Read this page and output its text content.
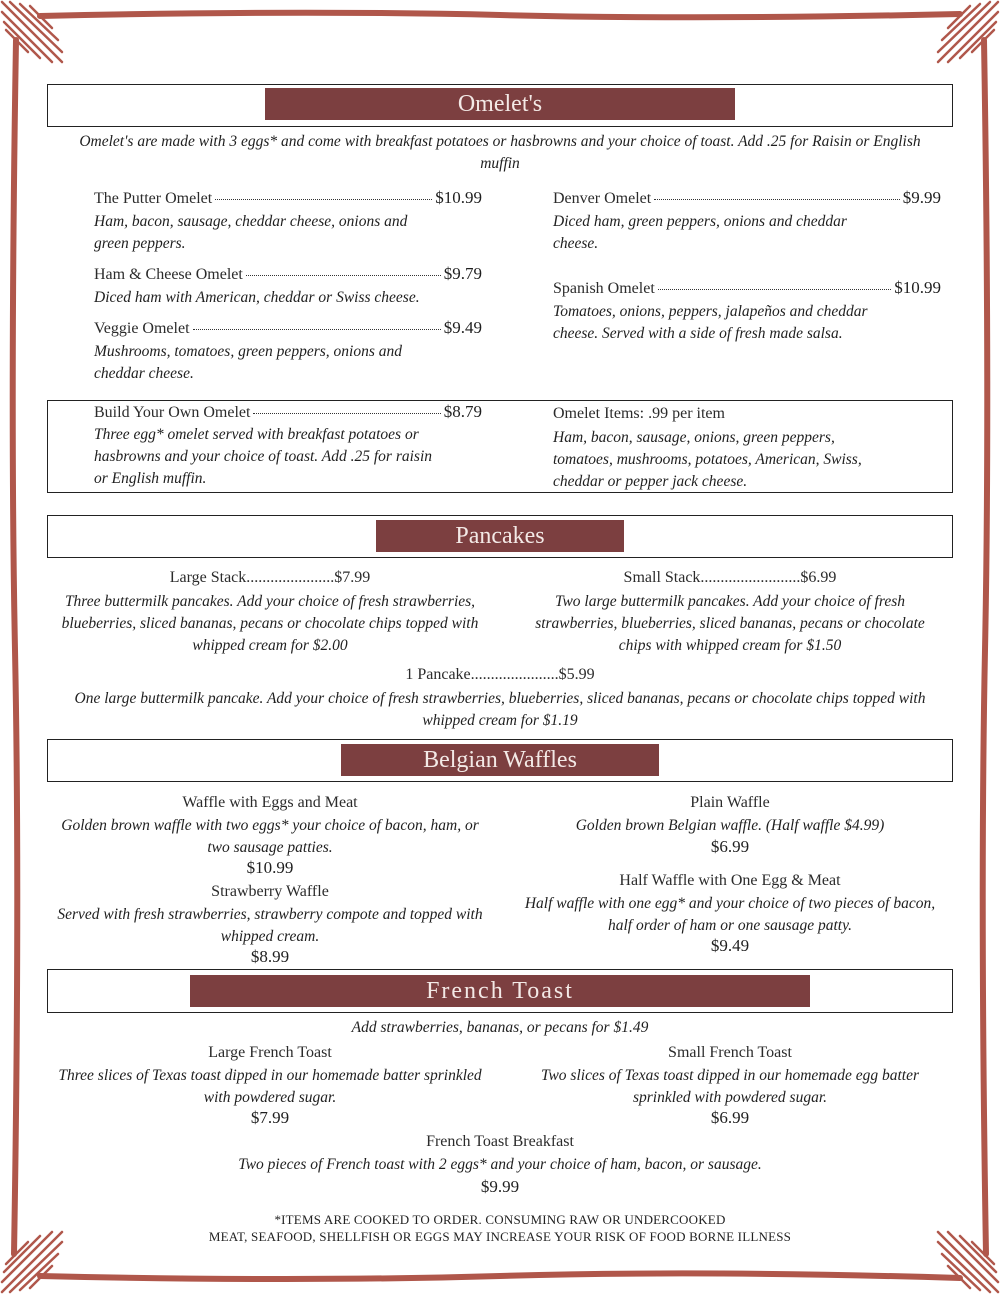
Omelet's
Omelet's are made with 3 eggs* and come with breakfast potatoes or hasbrowns and your choice of toast. Add .25 for Raisin or English muffin
The Putter Omelet	$10.99
Ham, bacon, sausage, cheddar cheese, onions and green peppers.
Ham & Cheese Omelet	$9.79
Diced ham with American, cheddar or Swiss cheese.
Veggie Omelet	$9.49
Mushrooms, tomatoes, green peppers, onions and cheddar cheese.
Denver Omelet	$9.99
Diced ham, green peppers, onions and cheddar cheese.
Spanish Omelet	$10.99
Tomatoes, onions, peppers, jalapeños and cheddar cheese. Served with a side of fresh made salsa.
Build Your Own Omelet	$8.79
Three egg* omelet served with breakfast potatoes or hasbrowns and your choice of toast. Add .25 for raisin or English muffin.
Omelet Items: .99 per item
Ham, bacon, sausage, onions, green peppers, tomatoes, mushrooms, potatoes, American, Swiss, cheddar or pepper jack cheese.
Pancakes
Large Stack......................$7.99
Three buttermilk pancakes. Add your choice of fresh strawberries, blueberries, sliced bananas, pecans or chocolate chips topped with whipped cream for $2.00
Small Stack.........................$6.99
Two large buttermilk pancakes. Add your choice of fresh strawberries, blueberries, sliced bananas, pecans or chocolate chips with whipped cream for $1.50
1 Pancake......................$5.99
One large buttermilk pancake. Add your choice of fresh strawberries, blueberries, sliced bananas, pecans or chocolate chips topped with whipped cream for $1.19
Belgian Waffles
Waffle with Eggs and Meat
Golden brown waffle with two eggs* your choice of bacon, ham, or two sausage patties.
$10.99
Strawberry Waffle
Served with fresh strawberries, strawberry compote and topped with whipped cream.
$8.99
Plain Waffle
Golden brown Belgian waffle. (Half waffle $4.99)
$6.99
Half Waffle with One Egg & Meat
Half waffle with one egg* and your choice of two pieces of bacon, half order of ham or one sausage patty.
$9.49
French Toast
Add strawberries, bananas, or pecans for $1.49
Large French Toast
Three slices of Texas toast dipped in our homemade batter sprinkled with powdered sugar.
$7.99
Small French Toast
Two slices of Texas toast dipped in our homemade egg batter sprinkled with powdered sugar.
$6.99
French Toast Breakfast
Two pieces of French toast with 2 eggs* and your choice of ham, bacon, or sausage.
$9.99
*ITEMS ARE COOKED TO ORDER. CONSUMING RAW OR UNDERCOOKED
MEAT, SEAFOOD, SHELLFISH OR EGGS MAY INCREASE YOUR RISK OF FOOD BORNE ILLNESS
